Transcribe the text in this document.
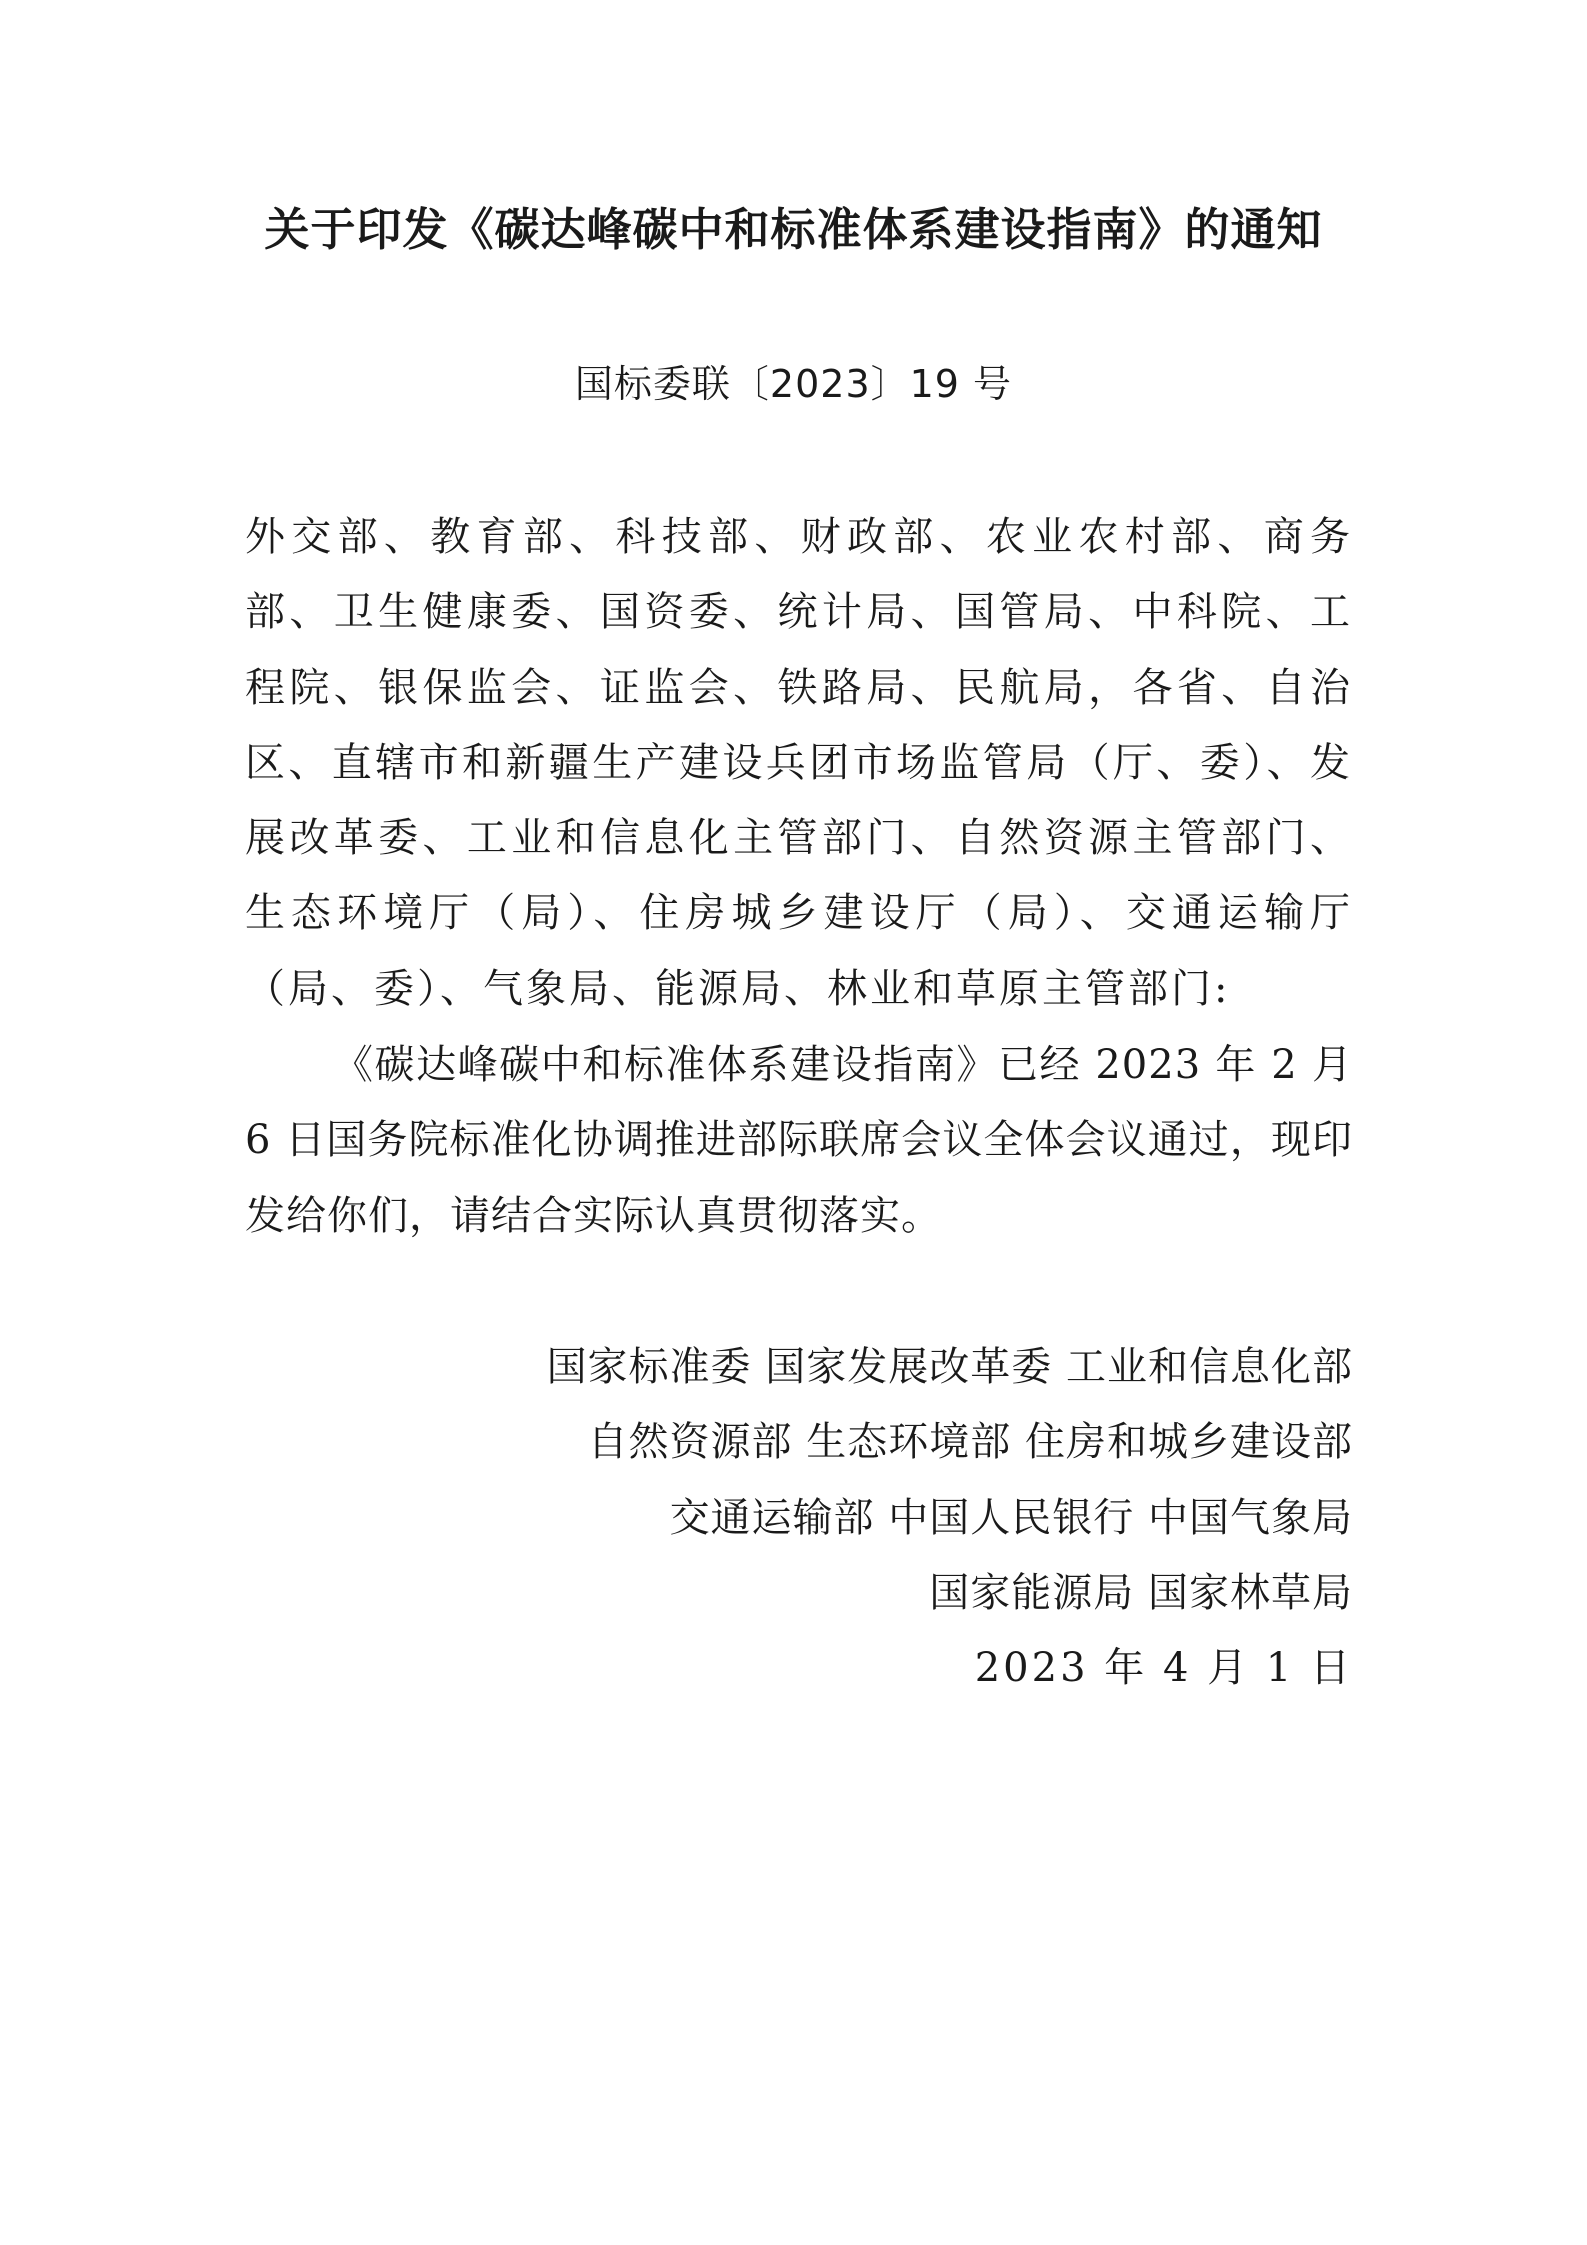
关于印发《碳达峰碳中和标准体系建设指南》的通知
国标委联〔2023〕19 号

外交部、教育部、科技部、财政部、农业农村部、商务部、卫生健康委、国资委、统计局、国管局、中科院、工程院、银保监会、证监会、铁路局、民航局，各省、自治区、直辖市和新疆生产建设兵团市场监管局（厅、委）、发展改革委、工业和信息化主管部门、自然资源主管部门、生态环境厅（局）、住房城乡建设厅（局）、交通运输厅（局、委）、气象局、能源局、林业和草原主管部门:

《碳达峰碳中和标准体系建设指南》已经 2023 年 2 月 6 日国务院标准化协调推进部际联席会议全体会议通过，现印发给你们，请结合实际认真贯彻落实。

国家标准委 国家发展改革委 工业和信息化部
自然资源部 生态环境部 住房和城乡建设部
交通运输部 中国人民银行 中国气象局
国家能源局 国家林草局
2023 年 4 月 1 日
